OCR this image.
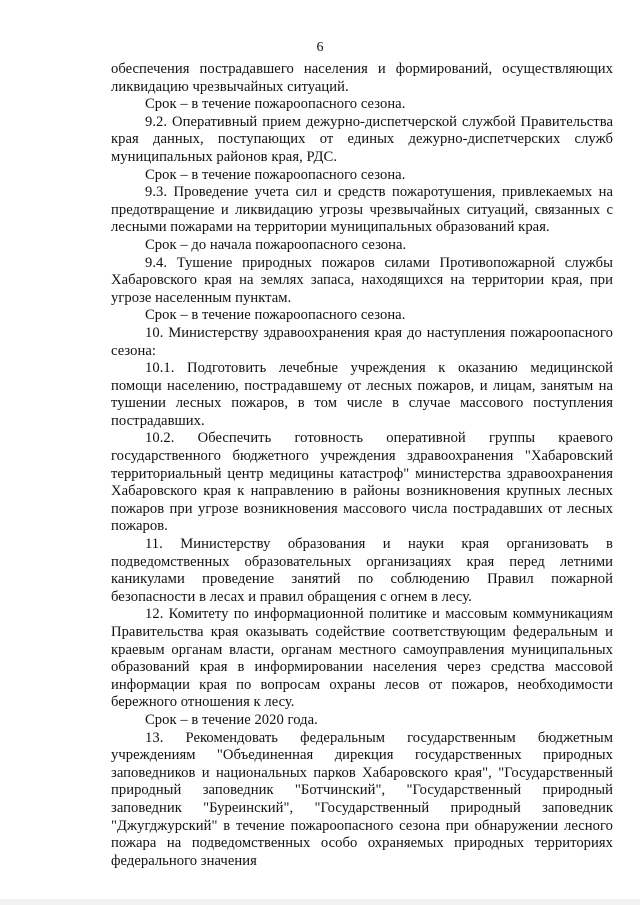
6

обеспечения пострадавшего населения и формирований, осуществляющих ликвидацию чрезвычайных ситуаций.

Срок – в течение пожароопасного сезона.

9.2. Оперативный прием дежурно-диспетчерской службой Правительства края данных, поступающих от единых дежурно-диспетчерских служб муниципальных районов края, РДС.

Срок – в течение пожароопасного сезона.

9.3. Проведение учета сил и средств пожаротушения, привлекаемых на предотвращение и ликвидацию угрозы чрезвычайных ситуаций, связанных с лесными пожарами на территории муниципальных образований края.

Срок – до начала пожароопасного сезона.

9.4. Тушение природных пожаров силами Противопожарной службы Хабаровского края на землях запаса, находящихся на территории края, при угрозе населенным пунктам.

Срок – в течение пожароопасного сезона.

10. Министерству здравоохранения края до наступления пожароопасного сезона:

10.1. Подготовить лечебные учреждения к оказанию медицинской помощи населению, пострадавшему от лесных пожаров, и лицам, занятым на тушении лесных пожаров, в том числе в случае массового поступления пострадавших.

10.2. Обеспечить готовность оперативной группы краевого государственного бюджетного учреждения здравоохранения "Хабаровский территориальный центр медицины катастроф" министерства здравоохранения Хабаровского края к направлению в районы возникновения крупных лесных пожаров при угрозе возникновения массового числа пострадавших от лесных пожаров.

11. Министерству образования и науки края организовать в подведомственных образовательных организациях края перед летними каникулами проведение занятий по соблюдению Правил пожарной безопасности в лесах и правил обращения с огнем в лесу.

12. Комитету по информационной политике и массовым коммуникациям Правительства края оказывать содействие соответствующим федеральным и краевым органам власти, органам местного самоуправления муниципальных образований края в информировании населения через средства массовой информации края по вопросам охраны лесов от пожаров, необходимости бережного отношения к лесу.

Срок – в течение 2020 года.

13. Рекомендовать федеральным государственным бюджетным учреждениям "Объединенная дирекция государственных природных заповедников и национальных парков Хабаровского края", "Государственный природный заповедник "Ботчинский", "Государственный природный заповедник "Буреинский", "Государственный природный заповедник "Джугджурский" в течение пожароопасного сезона при обнаружении лесного пожара на подведомственных особо охраняемых природных территориях федерального значения
